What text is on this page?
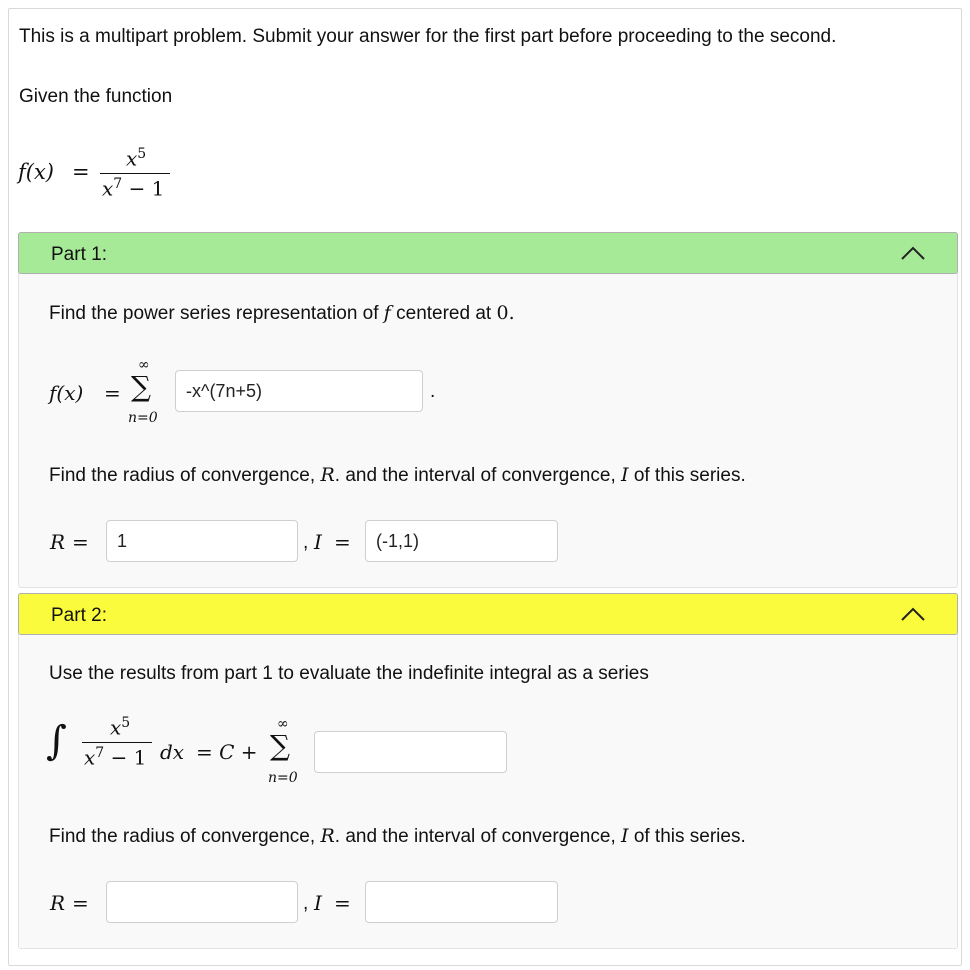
This is a multipart problem. Submit your answer for the first part before proceeding to the second.
Given the function
f(x) =
$x^5$
$x^7 - 1$
Part 1:
Find the power series representation of f centered at 0.
f(x) =
∞
∑
n=0
-x^(7n+5)
.
Find the radius of convergence, R. and the interval of convergence, I of this series.
R =
1	, I =
(-1,1)
Part 2:
Use the results from part 1 to evaluate the indefinite integral as a series
∫ $x^5$
$x^7 - 1$ dx = C +
∞
∑
n=0
Find the radius of convergence, R. and the interval of convergence, I of this series.
R =	, I =
